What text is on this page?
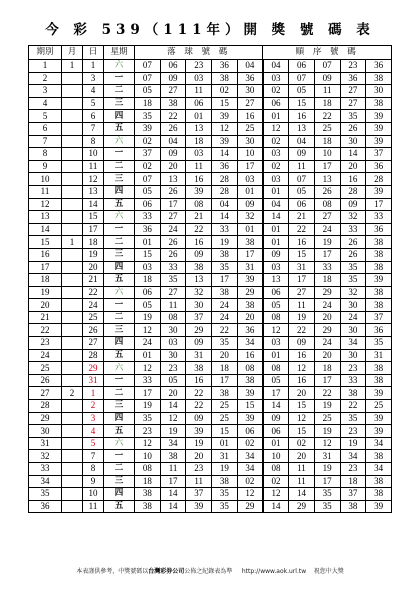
今 彩 539（111年）開 獎 號 碼 表
期別	月	日	星期	落 球 號 碼					順 序 號 碼				
1	1	1	六	07	06	23	36	04	04	06	07	23	36
2		3	一	07	09	03	38	36	03	07	09	36	38
3		4	二	05	27	11	02	30	02	05	11	27	30
4		5	三	18	38	06	15	27	06	15	18	27	38
5		6	四	35	22	01	39	16	01	16	22	35	39
6		7	五	39	26	13	12	25	12	13	25	26	39
7		8	六	02	04	18	39	30	02	04	18	30	39
8		10	一	37	09	03	14	10	03	09	10	14	37
9		11	二	02	20	11	36	17	02	11	17	20	36
10		12	三	07	13	16	28	03	03	07	13	16	28
11		13	四	05	26	39	28	01	01	05	26	28	39
12		14	五	06	17	08	04	09	04	06	08	09	17
13		15	六	33	27	21	14	32	14	21	27	32	33
14		17	一	36	24	22	33	01	01	22	24	33	36
15	1	18	二	01	26	16	19	38	01	16	19	26	38
16		19	三	15	26	09	38	17	09	15	17	26	38
17		20	四	03	33	38	35	31	03	31	33	35	38
18		21	五	18	35	13	17	39	13	17	18	35	39
19		22	六	06	27	32	38	29	06	27	29	32	38
20		24	一	05	11	30	24	38	05	11	24	30	38
21		25	二	19	08	37	24	20	08	19	20	24	37
22		26	三	12	30	29	22	36	12	22	29	30	36
23		27	四	24	03	09	35	34	03	09	24	34	35
24		28	五	01	30	31	20	16	01	16	20	30	31
25		29	六	12	23	38	18	08	08	12	18	23	38
26		31	一	33	05	16	17	38	05	16	17	33	38
27	2	1	二	17	20	22	38	39	17	20	22	38	39
28		2	三	19	14	22	25	15	14	15	19	22	25
29		3	四	35	12	09	25	39	09	12	25	35	39
30		4	五	23	19	39	15	06	06	15	19	23	39
31		5	六	12	34	19	01	02	01	02	12	19	34
32		7	一	10	38	20	31	34	10	20	31	34	38
33		8	二	08	11	23	19	34	08	11	19	23	34
34		9	三	18	17	11	38	02	02	11	17	18	38
35		10	四	38	14	37	35	12	12	14	35	37	38
36		11	五	38	14	39	35	29	14	29	35	38	39
本表謹供參考，中獎號碼以台灣彩券公司公佈之紀錄表為準 http://www.aok.url.tw 祝您中大獎
